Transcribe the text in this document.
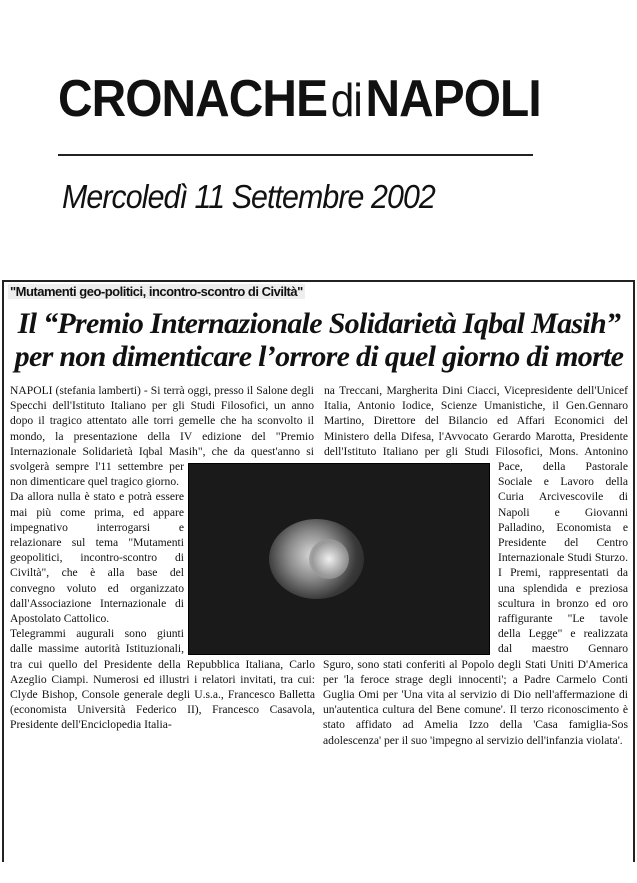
CRONACHEdiNAPOLI
Mercoledì 11 Settembre 2002
"Mutamenti geo-politici, incontro-scontro di Civiltà"
Il “Premio Internazionale Solidarietà Iqbal Masih”
per non dimenticare l’orrore di quel giorno di morte

NAPOLI (stefania lamberti) - Si terrà oggi, presso il Salone degli Specchi dell'Istituto Italiano per gli Studi Filosofici, un anno dopo il tragico attentato alle torri gemelle che ha sconvolto il mondo, la presentazione della IV edizione del "Premio Internazionale Solidarietà Iqbal Masih", che da quest'anno si svolgerà sempre l'11 settembre per non dimenticare quel tragico giorno.

Da allora nulla è stato e potrà essere mai più come prima, ed appare impegnativo interrogarsi e relazionare sul tema "Mutamenti geopolitici, incontro-scontro di Civiltà", che è alla base del convegno voluto ed organizzato dall'Associazione Internazionale di Apostolato Cattolico.

Telegrammi augurali sono giunti dalle massime autorità Istituzionali, tra cui quello del Presidente della Repubblica Italiana, Carlo Azeglio Ciampi. Numerosi ed illustri i relatori invitati, tra cui: Clyde Bishop, Console generale degli U.s.a., Francesco Balletta (economista Università Federico II), Francesco Casavola, Presidente dell'Enciclopedia Italia-

na Treccani, Margherita Dini Ciacci, Vicepresidente dell'Unicef Italia, Antonio Iodice, Scienze Umanistiche, il Gen.Gennaro Martino, Direttore del Bilancio ed Affari Economici del Ministero della Difesa, l'Avvocato Gerardo Marotta, Presidente dell'Istituto Italiano per gli Studi Filosofici, Mons. Antonino Pace, della Pastorale Sociale e Lavoro della Curia Arcivescovile di Napoli e Giovanni Palladino, Economista e Presidente del Centro Internazionale Studi Sturzo. I Premi, rappresentati da una splendida e preziosa scultura in bronzo ed oro raffigurante "Le tavole della Legge" e realizzata dal maestro Gennaro Sguro, sono stati conferiti al Popolo degli Stati Uniti D'America per 'la feroce strage degli innocenti'; a Padre Carmelo Conti Guglia Omi per 'Una vita al servizio di Dio nell'affermazione di un'autentica cultura del Bene comune'. Il terzo riconoscimento è stato affidato ad Amelia Izzo della 'Casa famiglia-Sos adolescenza' per il suo 'impegno al servizio dell'infanzia violata'.
